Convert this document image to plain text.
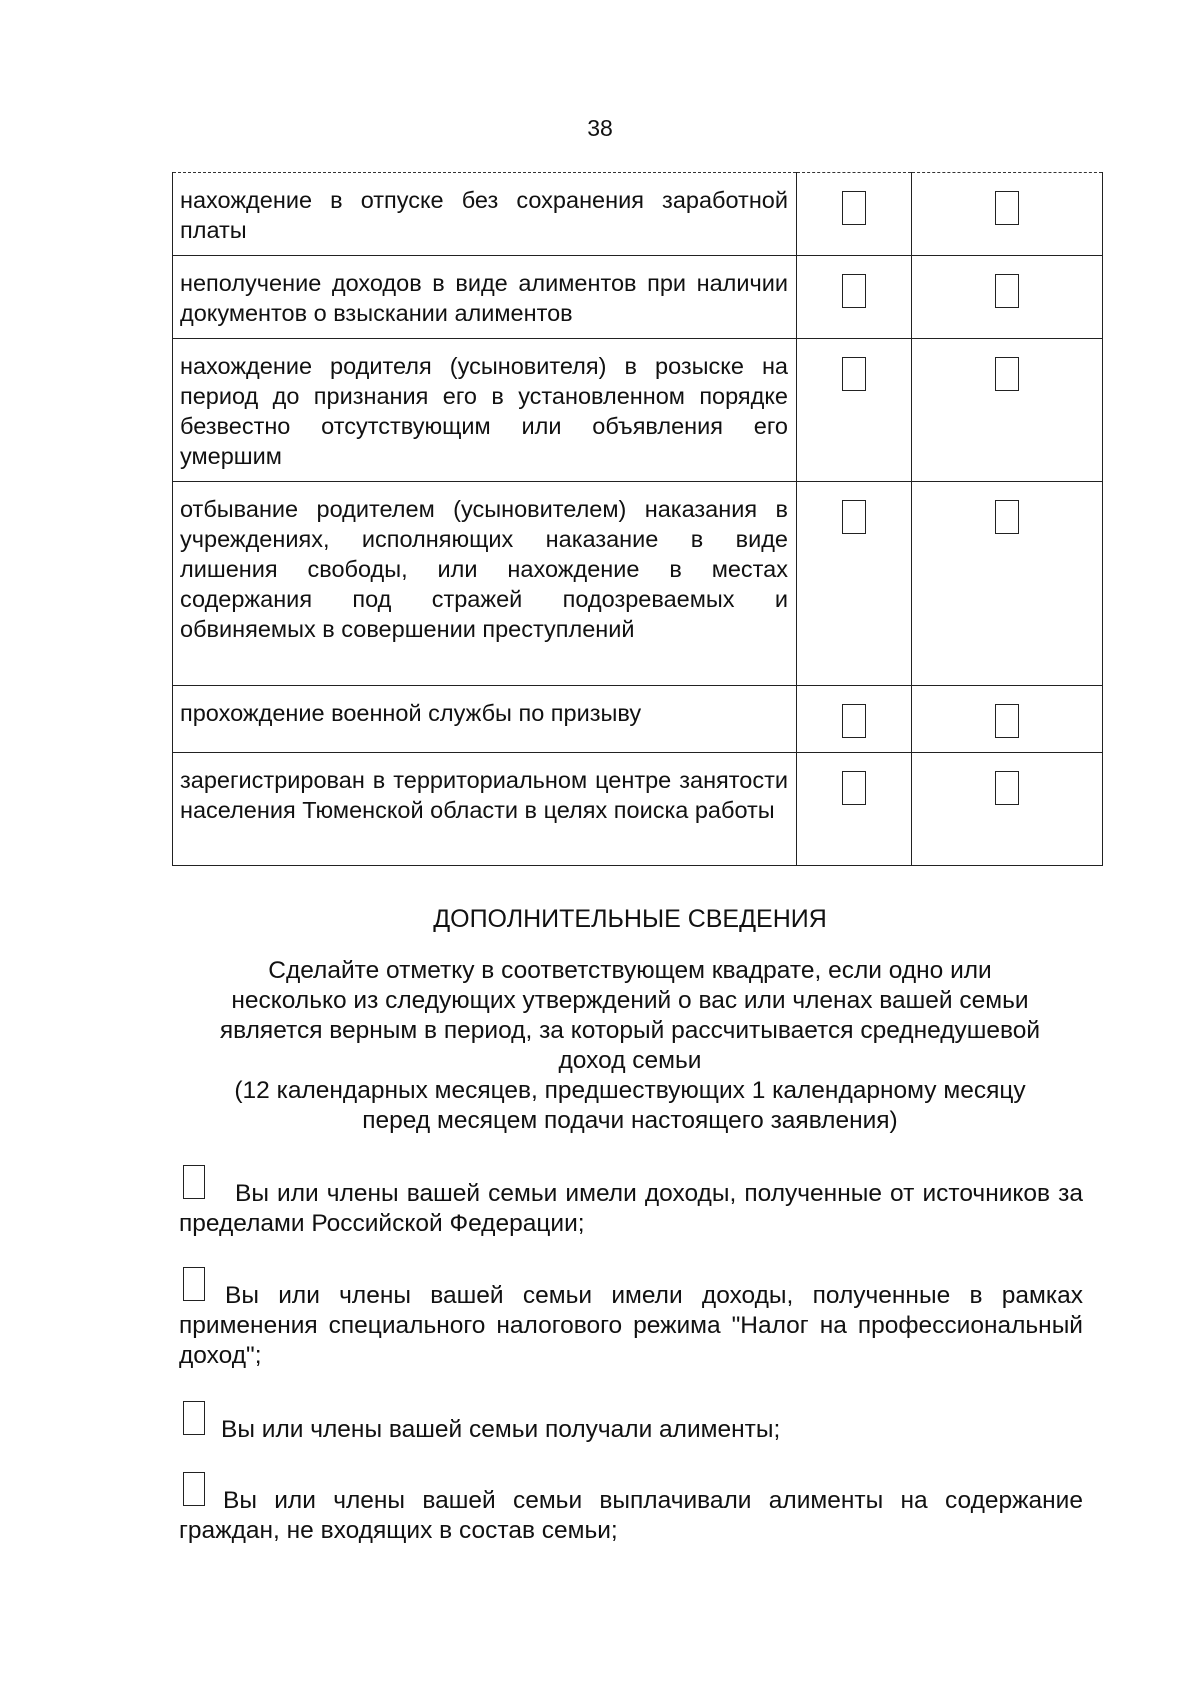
38
нахождение в отпуске без сохранения заработной платы		
неполучение доходов в виде алиментов при наличии документов о взыскании алиментов		
нахождение родителя (усыновителя) в розыске на период до признания его в установленном порядке безвестно отсутствующим или объявления его умершим		
отбывание родителем (усыновителем) наказания в учреждениях, исполняющих наказание в виде лишения свободы, или нахождение в местах содержания под стражей подозреваемых и обвиняемых в совершении преступлений		
прохождение военной службы по призыву		
зарегистрирован в территориальном центре занятости населения Тюменской области в целях поиска работы		
ДОПОЛНИТЕЛЬНЫЕ СВЕДЕНИЯ
Сделайте отметку в соответствующем квадрате, если одно или
несколько из следующих утверждений о вас или членах вашей семьи
является верным в период, за который рассчитывается среднедушевой
доход семьи
(12 календарных месяцев, предшествующих 1 календарному месяцу
перед месяцем подачи настоящего заявления)
Вы или члены вашей семьи имели доходы, полученные от источников за пределами Российской Федерации;
Вы или члены вашей семьи имели доходы, полученные в рамках применения специального налогового режима "Налог на профессиональный доход";
Вы или члены вашей семьи получали алименты;
Вы или члены вашей семьи выплачивали алименты на содержание граждан, не входящих в состав семьи;
